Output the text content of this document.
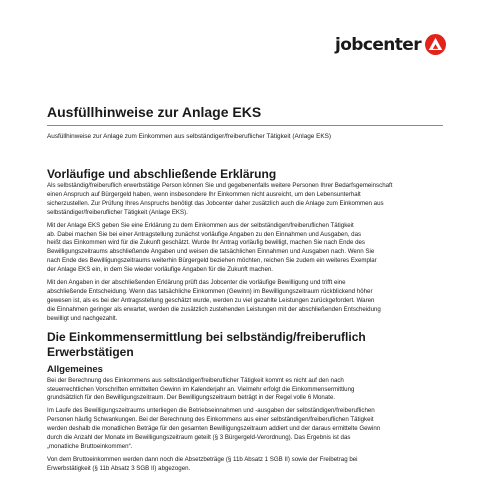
jobcenter
Ausfüllhinweise zur Anlage EKS
Ausfüllhinweise zur Anlage zum Einkommen aus selbständiger/freiberuflicher Tätigkeit (Anlage EKS)
Vorläufige und abschließende Erklärung

Als selbständig/freiberuflich erwerbstätige Person können Sie und gegebenenfalls weitere Personen Ihrer Bedarfsgemeinschaft
einen Anspruch auf Bürgergeld haben, wenn insbesondere Ihr Einkommen nicht ausreicht, um den Lebensunterhalt
sicherzustellen. Zur Prüfung Ihres Anspruchs benötigt das Jobcenter daher zusätzlich auch die Anlage zum Einkommen aus
selbständiger/freiberuflicher Tätigkeit (Anlage EKS).

Mit der Anlage EKS geben Sie eine Erklärung zu dem Einkommen aus der selbständigen/freiberuflichen Tätigkeit
ab. Dabei machen Sie bei einer Antragstellung zunächst vorläufige Angaben zu den Einnahmen und Ausgaben, das
heißt das Einkommen wird für die Zukunft geschätzt. Wurde Ihr Antrag vorläufig bewilligt, machen Sie nach Ende des
Bewilligungszeitraums abschließende Angaben und weisen die tatsächlichen Einnahmen und Ausgaben nach. Wenn Sie
nach Ende des Bewilligungszeitraums weiterhin Bürgergeld beziehen möchten, reichen Sie zudem ein weiteres Exemplar
der Anlage EKS ein, in dem Sie wieder vorläufige Angaben für die Zukunft machen.

Mit den Angaben in der abschließenden Erklärung prüft das Jobcenter die vorläufige Bewilligung und trifft eine
abschließende Entscheidung. Wenn das tatsächliche Einkommen (Gewinn) im Bewilligungszeitraum rückblickend höher
gewesen ist, als es bei der Antragsstellung geschätzt wurde, werden zu viel gezahlte Leistungen zurückgefordert. Waren
die Einnahmen geringer als erwartet, werden die zusätzlich zustehenden Leistungen mit der abschließenden Entscheidung
bewilligt und nachgezahlt.

Die Einkommensermittlung bei selbständig/freiberuflich Erwerbstätigen
Allgemeines

Bei der Berechnung des Einkommens aus selbständiger/freiberuflicher Tätigkeit kommt es nicht auf den nach
steuerrechtlichen Vorschriften ermittelten Gewinn im Kalenderjahr an. Vielmehr erfolgt die Einkommensermittlung
grundsätzlich für den Bewilligungszeitraum. Der Bewilligungszeitraum beträgt in der Regel volle 6 Monate.

Im Laufe des Bewilligungszeitraums unterliegen die Betriebseinnahmen und -ausgaben der selbständigen/freiberuflichen
Personen häufig Schwankungen. Bei der Berechnung des Einkommens aus einer selbständigen/freiberuflichen Tätigkeit
werden deshalb die monatlichen Beträge für den gesamten Bewilligungszeitraum addiert und der daraus ermittelte Gewinn
durch die Anzahl der Monate im Bewilligungszeitraum geteilt (§ 3 Bürgergeld-Verordnung). Das Ergebnis ist das
„monatliche Bruttoeinkommen“.

Von dem Bruttoeinkommen werden dann noch die Absetzbeträge (§ 11b Absatz 1 SGB II) sowie der Freibetrag bei
Erwerbstätigkeit (§ 11b Absatz 3 SGB II) abgezogen.
